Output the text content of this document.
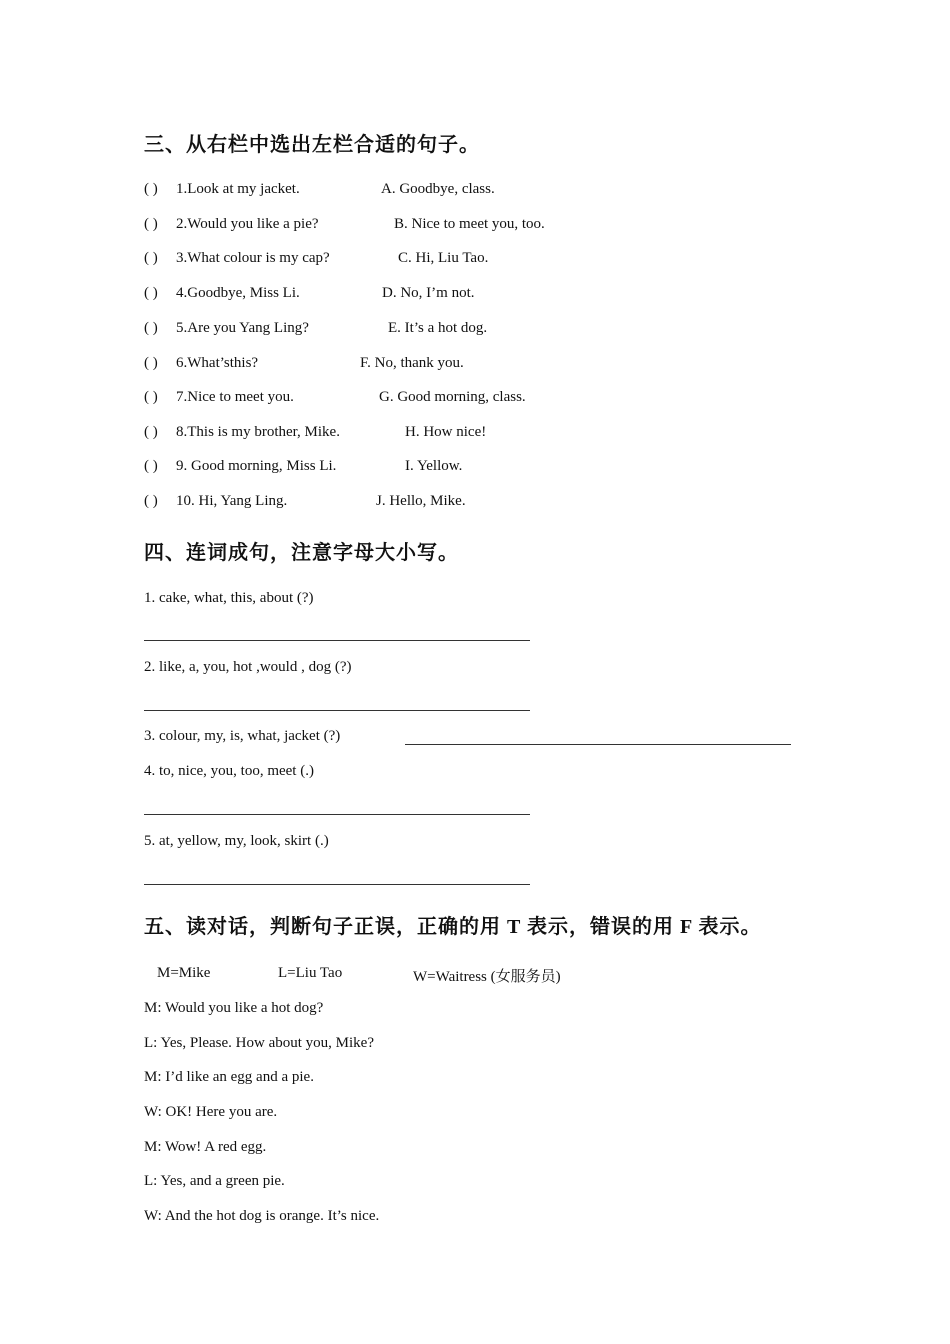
三、从右栏中选出左栏合适的句子。
( ) 1.Look at my jacket.	A. Goodbye, class.
( ) 2.Would you like a pie?	B. Nice to meet you, too.
( ) 3.What colour is my cap?	C. Hi, Liu Tao.
( ) 4.Goodbye, Miss Li.	D. No, I’m not.
( ) 5.Are you Yang Ling?	E. It’s a hot dog.
( ) 6.What’sthis?	F. No, thank you.
( ) 7.Nice to meet you.	G. Good morning, class.
( ) 8.This is my brother, Mike.	H. How nice!
( ) 9. Good morning, Miss Li.	I. Yellow.
( ) 10. Hi, Yang Ling.	J. Hello, Mike.
四、连词成句，注意字母大小写。
1. cake, what, this, about (?)
2. like, a, you, hot ,would , dog (?)
3. colour, my, is, what, jacket (?)
4. to, nice, you, too, meet (.)
5. at, yellow, my, look, skirt (.)
五、读对话，判断句子正误，正确的用 T 表示，错误的用 F 表示。
M=Mike	L=Liu Tao	W=Waitress (女服务员)
M: Would you like a hot dog?
L: Yes, Please. How about you, Mike?
M: I’d like an egg and a pie.
W: OK! Here you are.
M: Wow! A red egg.
L: Yes, and a green pie.
W: And the hot dog is orange. It’s nice.
